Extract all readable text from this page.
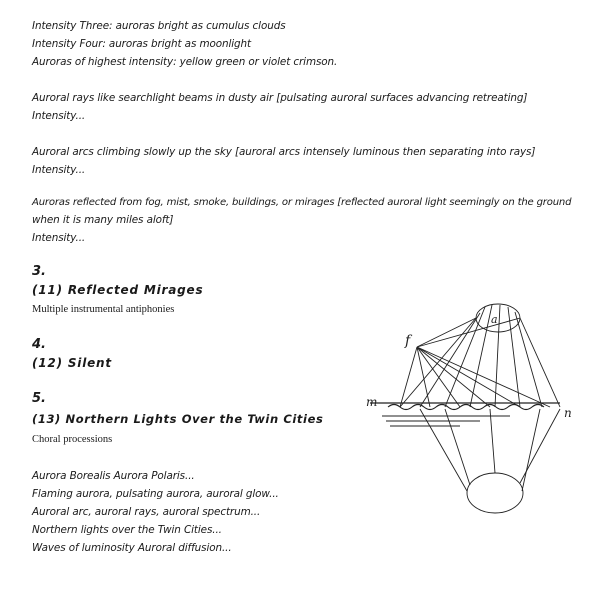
Intensity Three: auroras bright as cumulus clouds
Intensity Four: auroras bright as moonlight
Auroras of highest intensity: yellow green or violet crimson.
Auroral rays like searchlight beams in dusty air [pulsating auroral surfaces advancing retreating]
Intensity...
Auroral arcs climbing slowly up the sky [auroral arcs intensely luminous then separating into rays]
Intensity...
Auroras reflected from fog, mist, smoke, buildings, or mirages [reflected auroral light seemingly on the ground
when it is many miles aloft]
Intensity...
3.
(11) Reflected Mirages
Multiple instrumental antiphonies
4.
(12) Silent
5.
(13) Northern Lights Over the Twin Cities
Choral processions
Aurora Borealis Aurora Polaris...
Flaming aurora, pulsating aurora, auroral glow...
Auroral arc, auroral rays, auroral spectrum...
Northern lights over the Twin Cities...
Waves of luminosity Auroral diffusion...
a
f
m
n
